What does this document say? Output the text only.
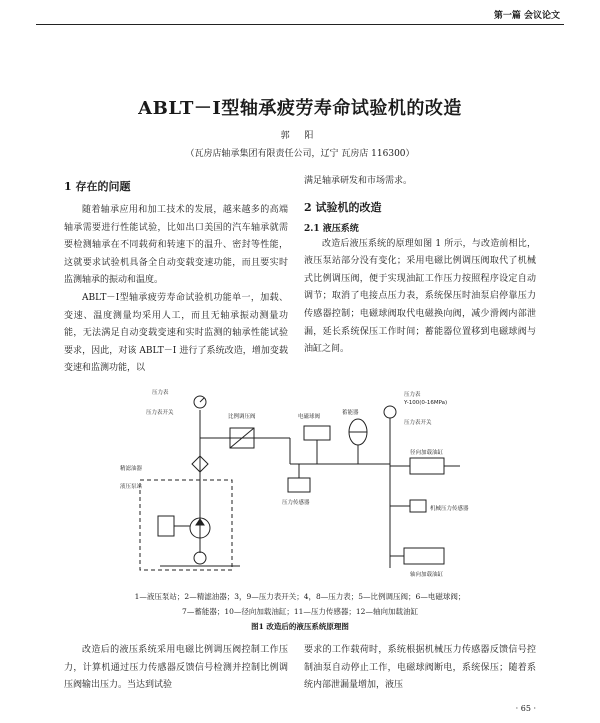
第一篇 会议论文
ABLT－Ⅰ型轴承疲劳寿命试验机的改造
郭 阳
（瓦房店轴承集团有限责任公司，辽宁 瓦房店 116300）
1 存在的问题

随着轴承应用和加工技术的发展，越来越多的高端轴承需要进行性能试验，比如出口美国的汽车轴承就需要检测轴承在不同载荷和转速下的温升、密封等性能，这就要求试验机具备全自动变载变速功能，而且要实时监测轴承的振动和温度。

ABLT－Ⅰ型轴承疲劳寿命试验机功能单一，加载、变速、温度测量均采用人工，而且无轴承振动测量功能，无法满足自动变载变速和实时监测的轴承性能试验要求，因此，对该 ABLT－Ⅰ 进行了系统改造，增加变载变速和监测功能，以

满足轴承研发和市场需求。
2 试验机的改造
2.1 液压系统

改造后液压系统的原理如图 1 所示，与改造前相比，液压泵站部分没有变化；采用电磁比例调压阀取代了机械式比例调压阀，便于实现油缸工作压力按照程序设定自动调节；取消了电接点压力表，系统保压时油泵启停靠压力传感器控制；电磁球阀取代电磁换向阀，减少滑阀内部泄漏，延长系统保压工作时间；蓄能器位置移到电磁球阀与油缸之间。

压力表
压力表开关
比例调压阀	电磁球阀
蓄能器
压力表
Y-100(0-16MPa)
压力表开关
径向加载油缸
精滤油器
液压泵站
压力传感器
机械压力传感器
轴向加载油缸
1—液压泵站；2—精滤油器；3，9—压力表开关；4，8—压力表；5—比例调压阀；6—电磁球阀；
7—蓄能器；10—径向加载油缸；11—压力传感器；12—轴向加载油缸
图1 改造后的液压系统原理图

改造后的液压系统采用电磁比例调压阀控制工作压力，计算机通过压力传感器反馈信号检测并控制比例调压阀输出压力。当达到试验

要求的工作载荷时，系统根据机械压力传感器反馈信号控制油泵自动停止工作，电磁球阀断电，系统保压；随着系统内部泄漏量增加，液压
· 65 ·
